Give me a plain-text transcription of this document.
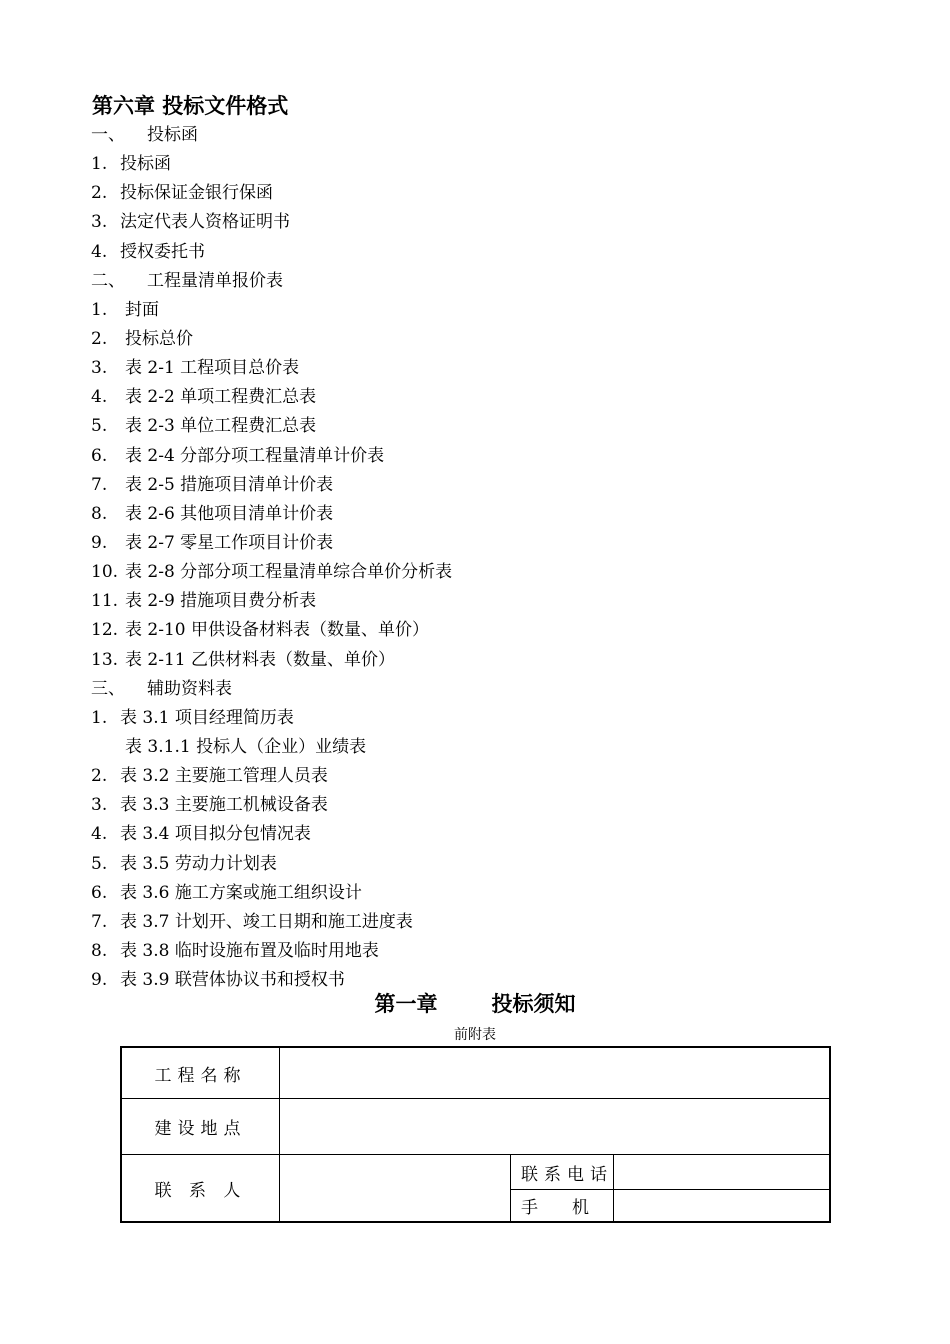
第六章 投标文件格式
一、	投标函
1. 投标函
2. 投标保证金银行保函
3. 法定代表人资格证明书
4. 授权委托书
二、	工程量清单报价表
1.	封面
2.	投标总价
3.	表 2-1 工程项目总价表
4.	表 2-2 单项工程费汇总表
5.	表 2-3 单位工程费汇总表
6.	表 2-4 分部分项工程量清单计价表
7.	表 2-5 措施项目清单计价表
8.	表 2-6 其他项目清单计价表
9.	表 2-7 零星工作项目计价表
10. 表 2-8 分部分项工程量清单综合单价分析表
11. 表 2-9 措施项目费分析表
12. 表 2-10 甲供设备材料表（数量、单价）
13. 表 2-11 乙供材料表（数量、单价）
三、	辅助资料表
1. 表 3.1 项目经理简历表
表 3.1.1 投标人（企业）业绩表
2. 表 3.2 主要施工管理人员表
3. 表 3.3 主要施工机械设备表
4. 表 3.4 项目拟分包情况表
5. 表 3.5 劳动力计划表
6. 表 3.6 施工方案或施工组织设计
7. 表 3.7 计划开、竣工日期和施工进度表
8. 表 3.8 临时设施布置及临时用地表
9. 表 3.9 联营体协议书和授权书
第一章	投标须知
前附表
工程名称
建设地点
联 系 人
联系电话
手　　机
